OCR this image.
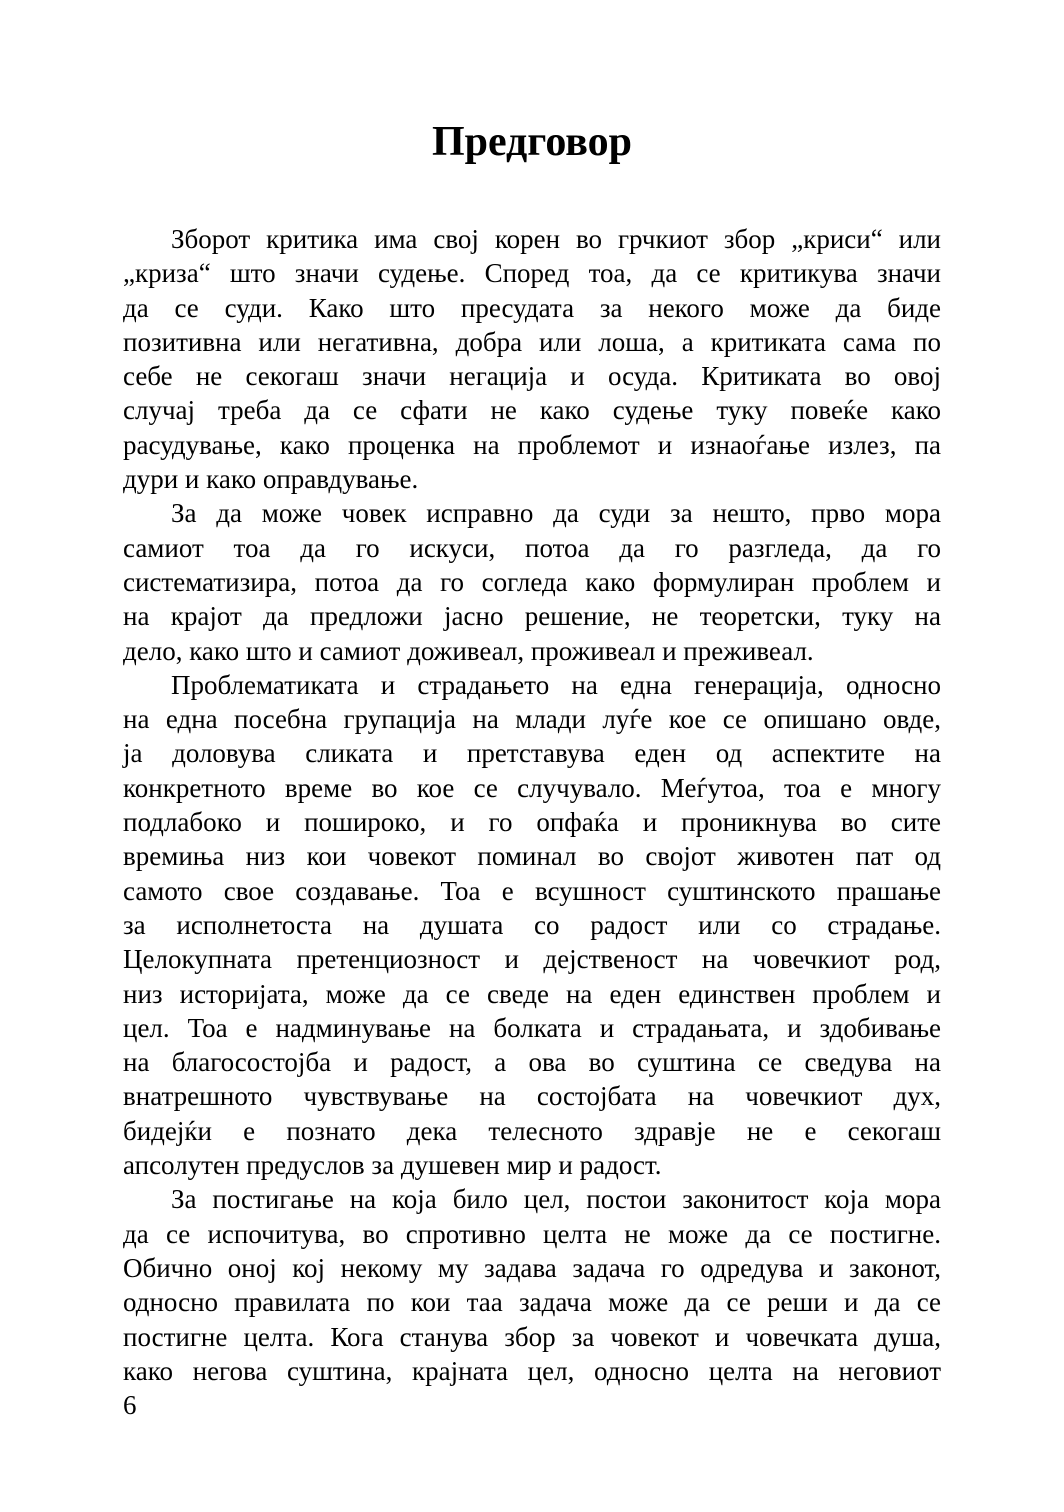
Предговор
Зборот критика има свој корен во грчкиот збор „криси“ или
„криза“ што значи судење. Според тоа, да се критикува значи
да се суди. Како што пресудата за некого може да биде
позитивна или негативна, добра или лоша, а критиката сама по
себе не секогаш значи негација и осуда. Критиката во овој
случај треба да се сфати не како судење туку повеќе како
расудување, како проценка на проблемот и изнаоѓање излез, па
дури и како оправдување.
За да може човек исправно да суди за нешто, прво мора
самиот тоа да го искуси, потоа да го разгледа, да го
систематизира, потоа да го согледа како формулиран проблем и
на крајот да предложи јасно решение, не теоретски, туку на
дело, како што и самиот доживеал, проживеал и преживеал.
Проблематиката и страдањето на една генерација, односно
на една посебна групација на млади луѓе кое се опишано овде,
ја доловува сликата и претставува еден од аспектите на
конкретното време во кое се случувало. Меѓутоа, тоа е многу
подлабоко и пошироко, и го опфаќа и проникнува во сите
времиња низ кои човекот поминал во својот животен пат од
самото свое создавање. Тоа е всушност суштинското прашање
за исполнетоста на душата со радост или со страдање.
Целокупната претенциозност и дејственост на човечкиот род,
низ историјата, може да се сведе на еден единствен проблем и
цел. Тоа е надминување на болката и страдањата, и здобивање
на благосостојба и радост, а ова во суштина се сведува на
внатрешното чувствување на состојбата на човечкиот дух,
бидејќи е познато дека телесното здравје не е секогаш
апсолутен предуслов за душевен мир и радост.
За постигање на која било цел, постои законитост која мора
да се испочитува, во спротивно целта не може да се постигне.
Обично оној кој некому му задава задача го одредува и законот,
односно правилата по кои таа задача може да се реши и да се
постигне целта. Кога станува збор за човекот и човечката душа,
како негова суштина, крајната цел, односно целта на неговиот
6
